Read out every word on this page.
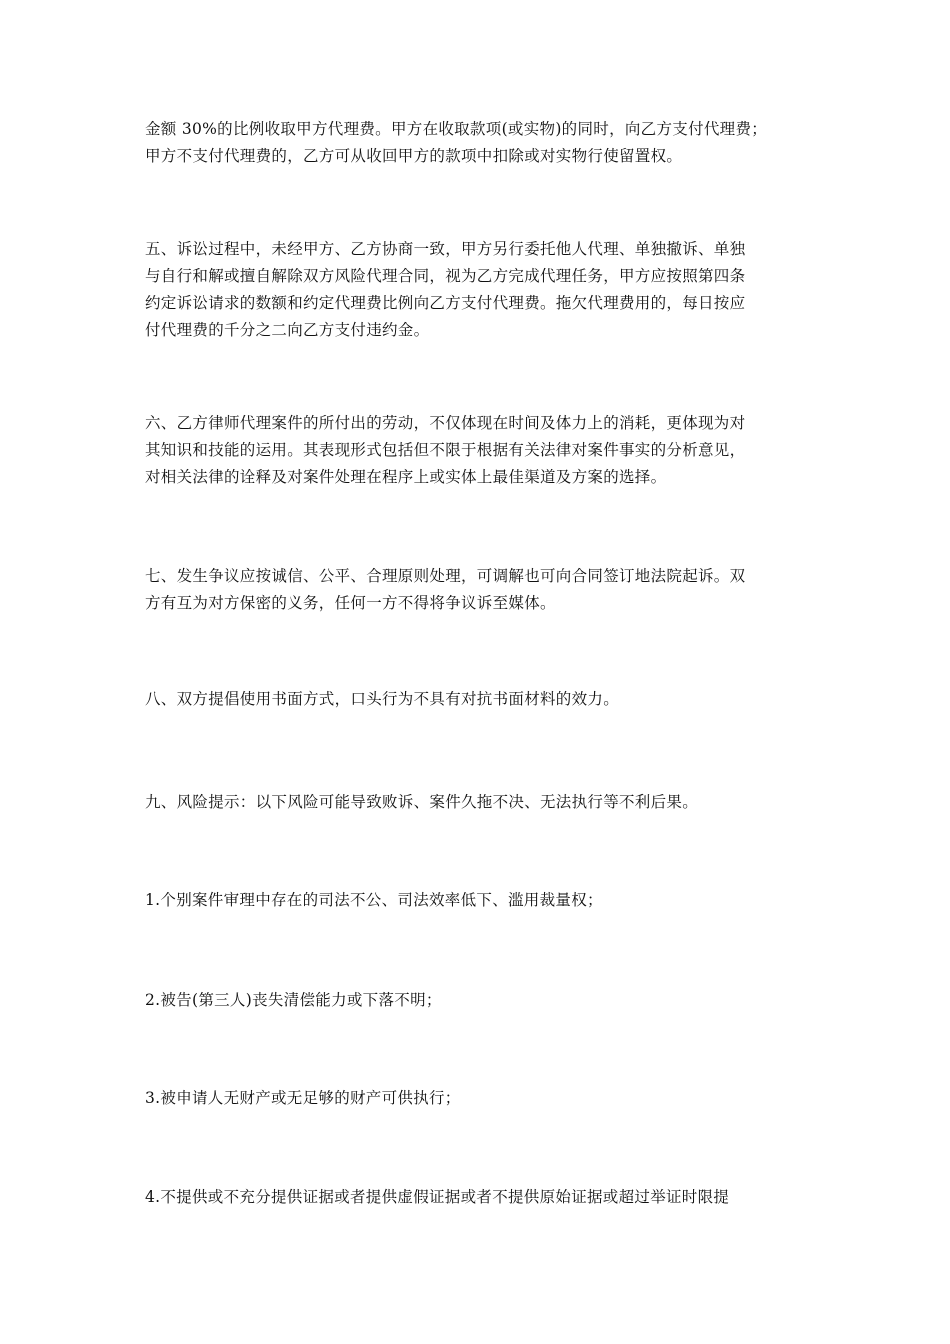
金额 30%的比例收取甲方代理费。甲方在收取款项(或实物)的同时，向乙方支付代理费；
甲方不支付代理费的，乙方可从收回甲方的款项中扣除或对实物行使留置权。

五、诉讼过程中，未经甲方、乙方协商一致，甲方另行委托他人代理、单独撤诉、单独
与自行和解或擅自解除双方风险代理合同，视为乙方完成代理任务，甲方应按照第四条
约定诉讼请求的数额和约定代理费比例向乙方支付代理费。拖欠代理费用的，每日按应
付代理费的千分之二向乙方支付违约金。

六、乙方律师代理案件的所付出的劳动，不仅体现在时间及体力上的消耗，更体现为对
其知识和技能的运用。其表现形式包括但不限于根据有关法律对案件事实的分析意见，
对相关法律的诠释及对案件处理在程序上或实体上最佳渠道及方案的选择。

七、发生争议应按诚信、公平、合理原则处理，可调解也可向合同签订地法院起诉。双
方有互为对方保密的义务，任何一方不得将争议诉至媒体。

八、双方提倡使用书面方式，口头行为不具有对抗书面材料的效力。

九、风险提示：以下风险可能导致败诉、案件久拖不决、无法执行等不利后果。

1.个别案件审理中存在的司法不公、司法效率低下、滥用裁量权；

2.被告(第三人)丧失清偿能力或下落不明；

3.被申请人无财产或无足够的财产可供执行；

4.不提供或不充分提供证据或者提供虚假证据或者不提供原始证据或超过举证时限提
